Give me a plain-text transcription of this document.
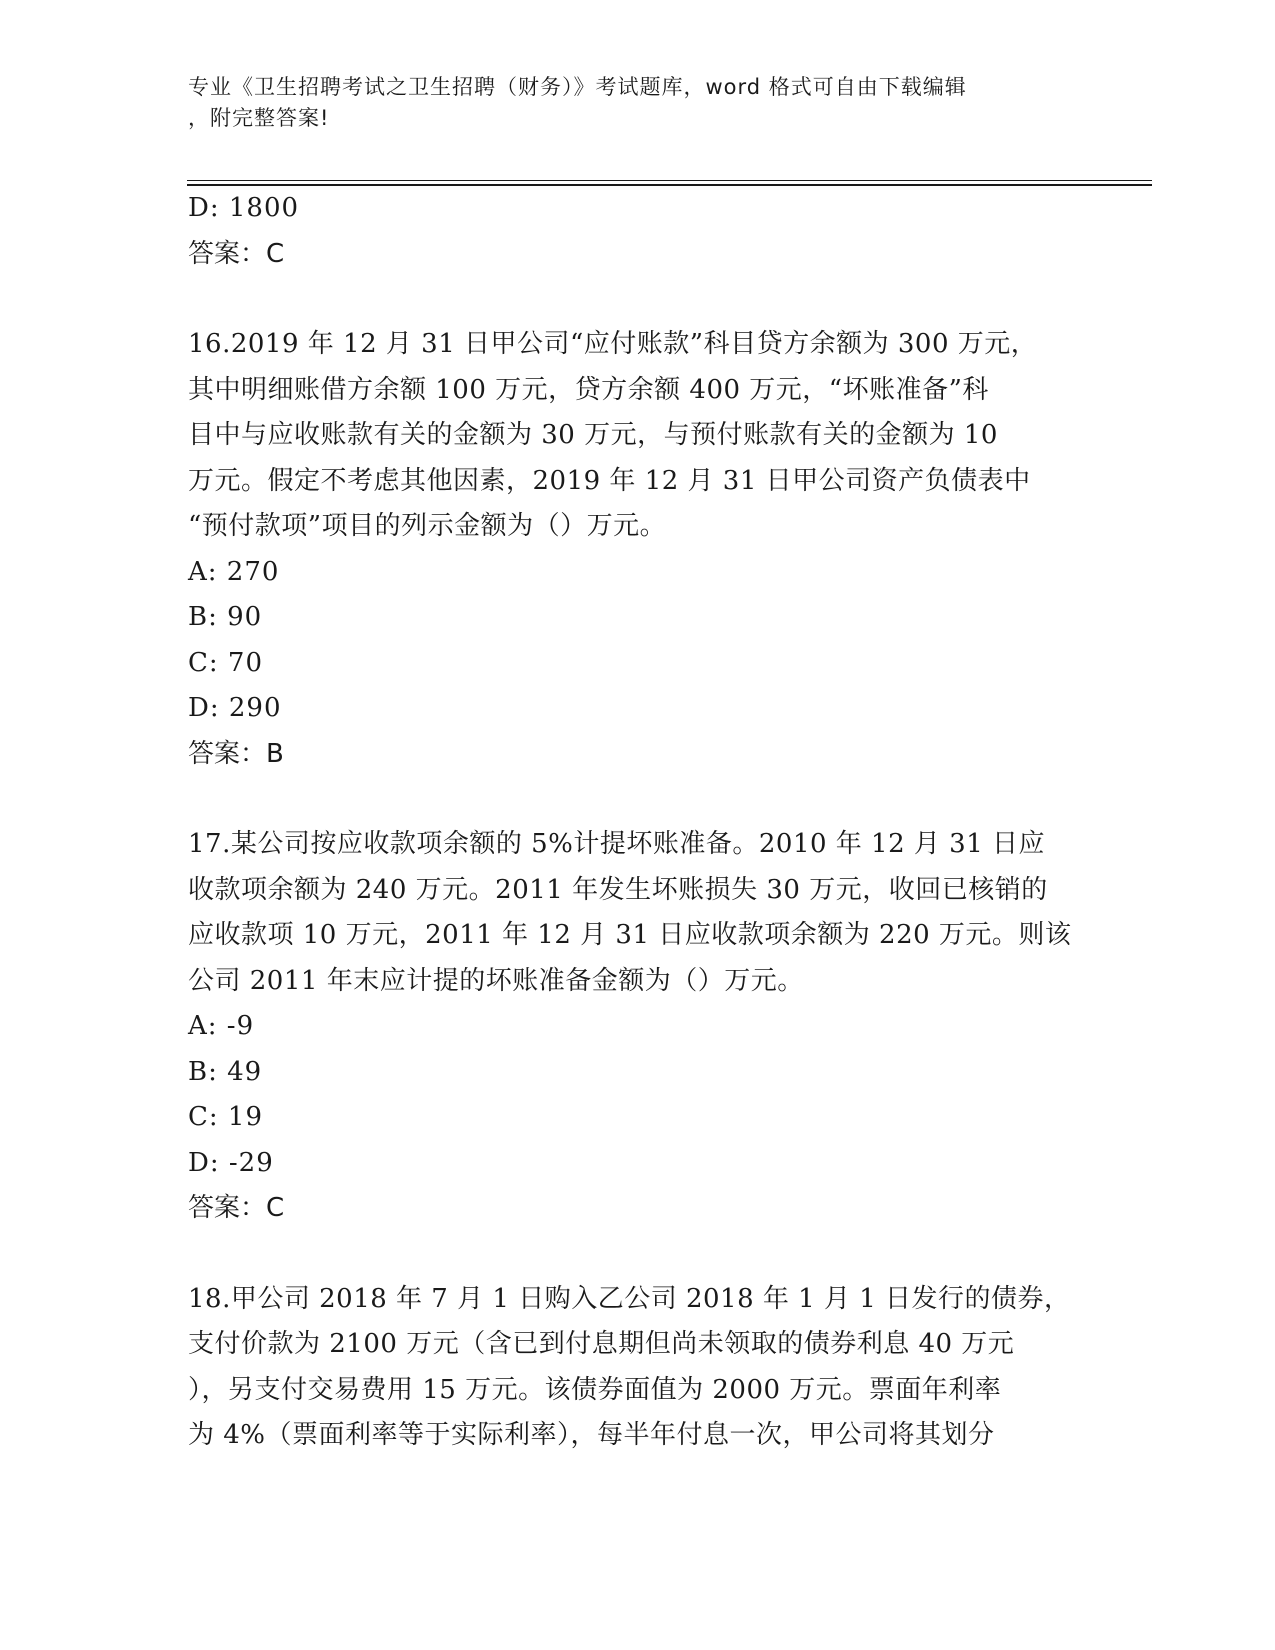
专业《卫生招聘考试之卫生招聘（财务）》考试题库，word 格式可自由下载编辑
，附完整答案!
D: 1800
答案：C
16.2019 年 12 月 31 日甲公司“应付账款”科目贷方余额为 300 万元，
其中明细账借方余额 100 万元，贷方余额 400 万元，“坏账准备”科
目中与应收账款有关的金额为 30 万元，与预付账款有关的金额为 10
万元。假定不考虑其他因素，2019 年 12 月 31 日甲公司资产负债表中
“预付款项”项目的列示金额为（）万元。
A: 270
B: 90
C: 70
D: 290
答案：B
17.某公司按应收款项余额的 5%计提坏账准备。2010 年 12 月 31 日应
收款项余额为 240 万元。2011 年发生坏账损失 30 万元，收回已核销的
应收款项 10 万元，2011 年 12 月 31 日应收款项余额为 220 万元。则该
公司 2011 年末应计提的坏账准备金额为（）万元。
A: -9
B: 49
C: 19
D: -29
答案：C
18.甲公司 2018 年 7 月 1 日购入乙公司 2018 年 1 月 1 日发行的债券，
支付价款为 2100 万元（含已到付息期但尚未领取的债券利息 40 万元
），另支付交易费用 15 万元。该债券面值为 2000 万元。票面年利率
为 4%（票面利率等于实际利率），每半年付息一次，甲公司将其划分
